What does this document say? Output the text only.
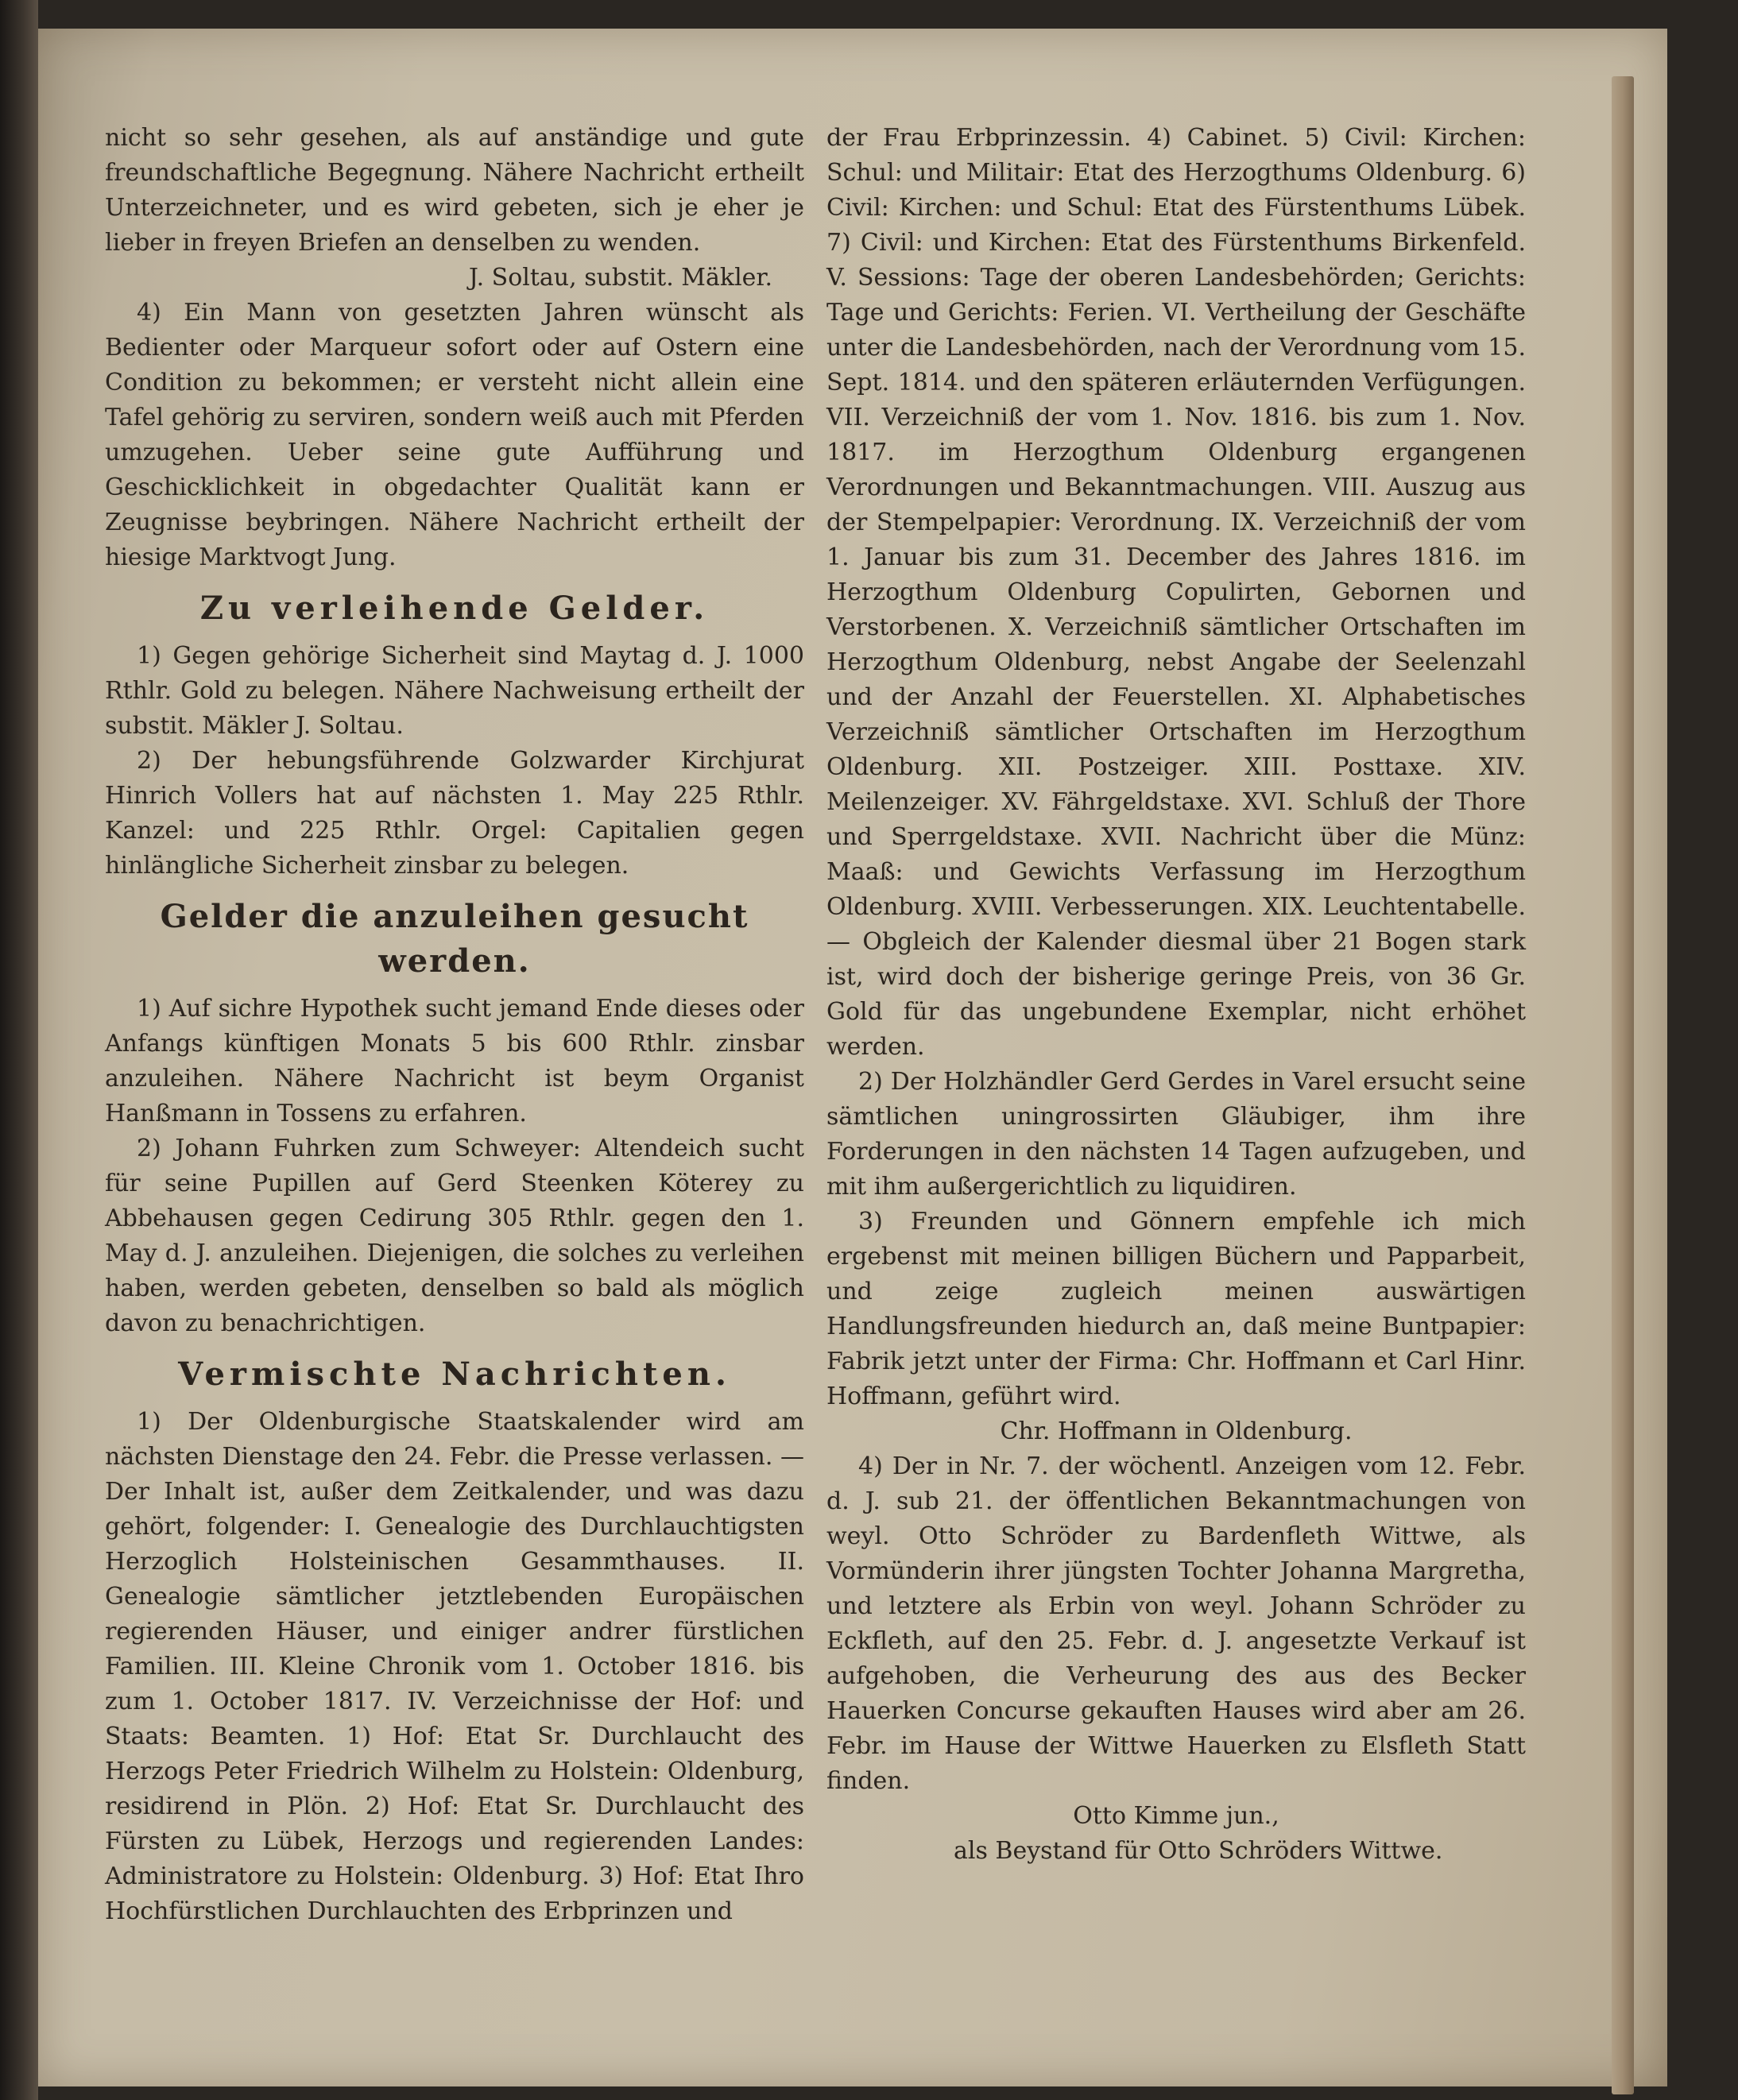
nicht so sehr gesehen, als auf anständige und gute freundschaftliche Begegnung. Nähere Nachricht ertheilt Unterzeichneter, und es wird gebeten, sich je eher je lieber in freyen Briefen an denselben zu wenden.

J. Soltau, substit. Mäkler.

4) Ein Mann von gesetzten Jahren wünscht als Bedienter oder Marqueur sofort oder auf Ostern eine Condition zu bekommen; er versteht nicht allein eine Tafel gehörig zu serviren, sondern weiß auch mit Pferden umzugehen. Ueber seine gute Aufführung und Geschicklichkeit in obgedachter Qualität kann er Zeugnisse beybringen. Nähere Nachricht ertheilt der hiesige Marktvogt Jung.

Zu verleihende Gelder.

1) Gegen gehörige Sicherheit sind Maytag d. J. 1000 Rthlr. Gold zu belegen. Nähere Nachweisung ertheilt der substit. Mäkler J. Soltau.

2) Der hebungsführende Golzwarder Kirchjurat Hinrich Vollers hat auf nächsten 1. May 225 Rthlr. Kanzel: und 225 Rthlr. Orgel: Capitalien gegen hinlängliche Sicherheit zinsbar zu belegen.

Gelder die anzuleihen gesucht werden.

1) Auf sichre Hypothek sucht jemand Ende dieses oder Anfangs künftigen Monats 5 bis 600 Rthlr. zinsbar anzuleihen. Nähere Nachricht ist beym Organist Hanßmann in Tossens zu erfahren.

2) Johann Fuhrken zum Schweyer: Altendeich sucht für seine Pupillen auf Gerd Steenken Köterey zu Abbehausen gegen Cedirung 305 Rthlr. gegen den 1. May d. J. anzuleihen. Diejenigen, die solches zu verleihen haben, werden gebeten, denselben so bald als möglich davon zu benachrichtigen.

Vermischte Nachrichten.

1) Der Oldenburgische Staatskalender wird am nächsten Dienstage den 24. Febr. die Presse verlassen. — Der Inhalt ist, außer dem Zeitkalender, und was dazu gehört, folgender: I. Genealogie des Durchlauchtigsten Herzoglich Holsteinischen Gesammthauses. II. Genealogie sämtlicher jetztlebenden Europäischen regierenden Häuser, und einiger andrer fürstlichen Familien. III. Kleine Chronik vom 1. October 1816. bis zum 1. October 1817. IV. Verzeichnisse der Hof: und Staats: Beamten. 1) Hof: Etat Sr. Durchlaucht des Herzogs Peter Friedrich Wilhelm zu Holstein: Oldenburg, residirend in Plön. 2) Hof: Etat Sr. Durchlaucht des Fürsten zu Lübek, Herzogs und regierenden Landes: Administratore zu Holstein: Oldenburg. 3) Hof: Etat Ihro Hochfürstlichen Durchlauchten des Erbprinzen und

der Frau Erbprinzessin. 4) Cabinet. 5) Civil: Kirchen: Schul: und Militair: Etat des Herzogthums Oldenburg. 6) Civil: Kirchen: und Schul: Etat des Fürstenthums Lübek. 7) Civil: und Kirchen: Etat des Fürstenthums Birkenfeld. V. Sessions: Tage der oberen Landesbehörden; Gerichts: Tage und Gerichts: Ferien. VI. Vertheilung der Geschäfte unter die Landesbehörden, nach der Verordnung vom 15. Sept. 1814. und den späteren erläuternden Verfügungen. VII. Verzeichniß der vom 1. Nov. 1816. bis zum 1. Nov. 1817. im Herzogthum Oldenburg ergangenen Verordnungen und Bekanntmachungen. VIII. Auszug aus der Stempelpapier: Verordnung. IX. Verzeichniß der vom 1. Januar bis zum 31. December des Jahres 1816. im Herzogthum Oldenburg Copulirten, Gebornen und Verstorbenen. X. Verzeichniß sämtlicher Ortschaften im Herzogthum Oldenburg, nebst Angabe der Seelenzahl und der Anzahl der Feuerstellen. XI. Alphabetisches Verzeichniß sämtlicher Ortschaften im Herzogthum Oldenburg. XII. Postzeiger. XIII. Posttaxe. XIV. Meilenzeiger. XV. Fährgeldstaxe. XVI. Schluß der Thore und Sperrgeldstaxe. XVII. Nachricht über die Münz: Maaß: und Gewichts Verfassung im Herzogthum Oldenburg. XVIII. Verbesserungen. XIX. Leuchtentabelle. — Obgleich der Kalender diesmal über 21 Bogen stark ist, wird doch der bisherige geringe Preis, von 36 Gr. Gold für das ungebundene Exemplar, nicht erhöhet werden.

2) Der Holzhändler Gerd Gerdes in Varel ersucht seine sämtlichen uningrossirten Gläubiger, ihm ihre Forderungen in den nächsten 14 Tagen aufzugeben, und mit ihm außergerichtlich zu liquidiren.

3) Freunden und Gönnern empfehle ich mich ergebenst mit meinen billigen Büchern und Papparbeit, und zeige zugleich meinen auswärtigen Handlungsfreunden hiedurch an, daß meine Buntpapier: Fabrik jetzt unter der Firma: Chr. Hoffmann et Carl Hinr. Hoffmann, geführt wird.

Chr. Hoffmann in Oldenburg.

4) Der in Nr. 7. der wöchentl. Anzeigen vom 12. Febr. d. J. sub 21. der öffentlichen Bekanntmachungen von weyl. Otto Schröder zu Bardenfleth Wittwe, als Vormünderin ihrer jüngsten Tochter Johanna Margretha, und letztere als Erbin von weyl. Johann Schröder zu Eckfleth, auf den 25. Febr. d. J. angesetzte Verkauf ist aufgehoben, die Verheurung des aus des Becker Hauerken Concurse gekauften Hauses wird aber am 26. Febr. im Hause der Wittwe Hauerken zu Elsfleth Statt finden.

Otto Kimme jun.,

als Beystand für Otto Schröders Wittwe.
